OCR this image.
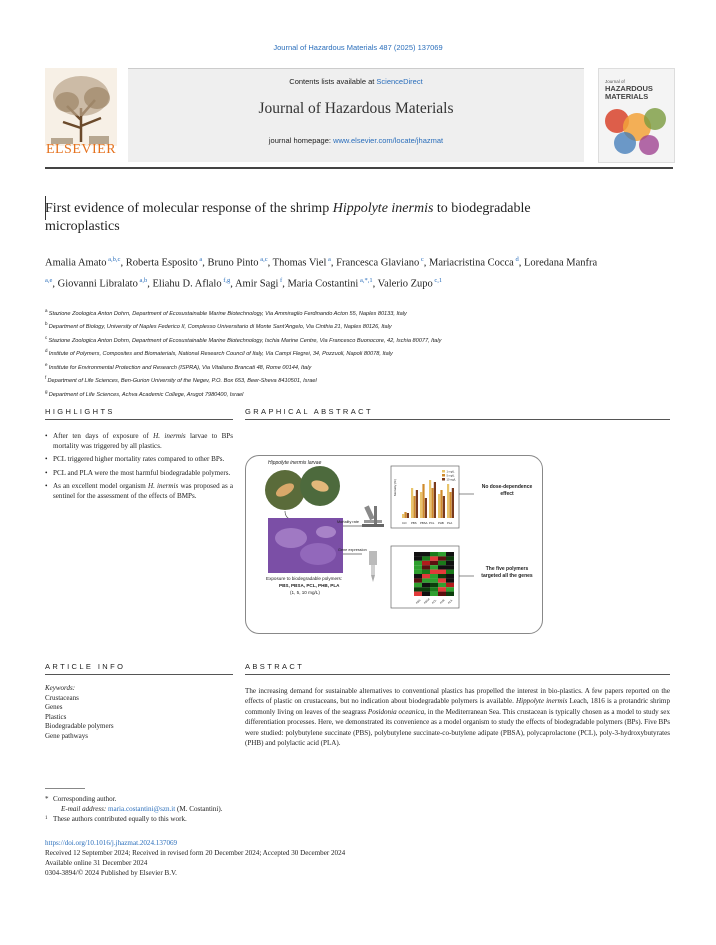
Journal of Hazardous Materials 487 (2025) 137069
ELSEVIER
Contents lists available at ScienceDirect
Journal of Hazardous Materials
journal homepage: www.elsevier.com/locate/jhazmat
Journal of
HAZARDOUS MATERIALS
First evidence of molecular response of the shrimp Hippolyte inermis to biodegradable microplastics
Amalia Amato $^{a,b,c}$, Roberta Esposito $^a$, Bruno Pinto $^{a,c}$, Thomas Viel $^a$, Francesca Glaviano $^c$, Mariacristina Cocca $^d$, Loredana Manfra $^{a,e}$, Giovanni Libralato $^{a,b}$, Eliahu D. Aflalo $^{f,g}$, Amir Sagi $^f$, Maria Costantini $^{a,*,1}$, Valerio Zupo $^{c,1}$
$^a$ Stazione Zoologica Anton Dohrn, Department of Ecosustainable Marine Biotechnology, Via Ammiraglio Ferdinando Acton 55, Naples 80133, Italy
$^b$ Department of Biology, University of Naples Federico II, Complesso Universitario di Monte Sant'Angelo, Via Cinthia 21, Naples 80126, Italy
$^c$ Stazione Zoologica Anton Dohrn, Department of Ecosustainable Marine Biotechnology, Ischia Marine Centre, Via Francesco Buonocore, 42, Ischia 80077, Italy
$^d$ Institute of Polymers, Composites and Biomaterials, National Research Council of Italy, Via Campi Flegrei, 34, Pozzuoli, Napoli 80078, Italy
$^e$ Institute for Environmental Protection and Research (ISPRA), Via Vitaliano Brancati 48, Rome 00144, Italy
$^f$ Department of Life Sciences, Ben-Gurion University of the Negev, P.O. Box 653, Beer-Sheva 8410501, Israel
$^g$ Department of Life Sciences, Achva Academic College, Arugot 7980400, Israel
HIGHLIGHTS
• After ten days of exposure of H. inermis larvae to BPs mortality was triggered by all plastics.
• PCL triggered higher mortality rates compared to other BPs.
• PCL and PLA were the most harmful biodegradable polymers.
• As an excellent model organism H. inermis was proposed as a sentinel for the assessment of the effects of BMPs.
GRAPHICAL ABSTRACT
Hippolyte inermis larvae
Exposure to biodegradable polymers:
PBS, PBSA, PCL, PHB, PLA
(1, 5, 10 mg/L)
Mortality rate
Gene expression
Ctrl PBS PBSA PCL PHB PLA
1 mg/L
5 mg/L
10 mg/L
Mortality (%)
PBS PBSA PCL PHB PLA
No dose-dependence effect
The five polymers targeted all the genes
ARTICLE INFO
Keywords:
Crustaceans
Genes
Plastics
Biodegradable polymers
Gene pathways
ABSTRACT
The increasing demand for sustainable alternatives to conventional plastics has propelled the interest in bio-plastics. A few papers reported on the effects of plastic on crustaceans, but no indication about biodegradable polymers is available. Hippolyte inermis Leach, 1816 is a protandric shrimp commonly living on leaves of the seagrass Posidonia oceanica, in the Mediterranean Sea. This crustacean is typically chosen as a model to study sex differentiation processes. Here, we demonstrated its convenience as a model organism to study the effects of biodegradable polymers (BPs). Five BPs were studied: polybutylene succinate (PBS), polybutylene succinate-co-butylene adipate (PBSA), polycaprolactone (PCL), poly-3-hydroxybutyrates (PHB) and polylactic acid (PLA).
* Corresponding author.
E-mail address: maria.costantini@szn.it (M. Costantini).
1 These authors contributed equally to this work.
https://doi.org/10.1016/j.jhazmat.2024.137069
Received 12 September 2024; Received in revised form 20 December 2024; Accepted 30 December 2024
Available online 31 December 2024
0304-3894/© 2024 Published by Elsevier B.V.
